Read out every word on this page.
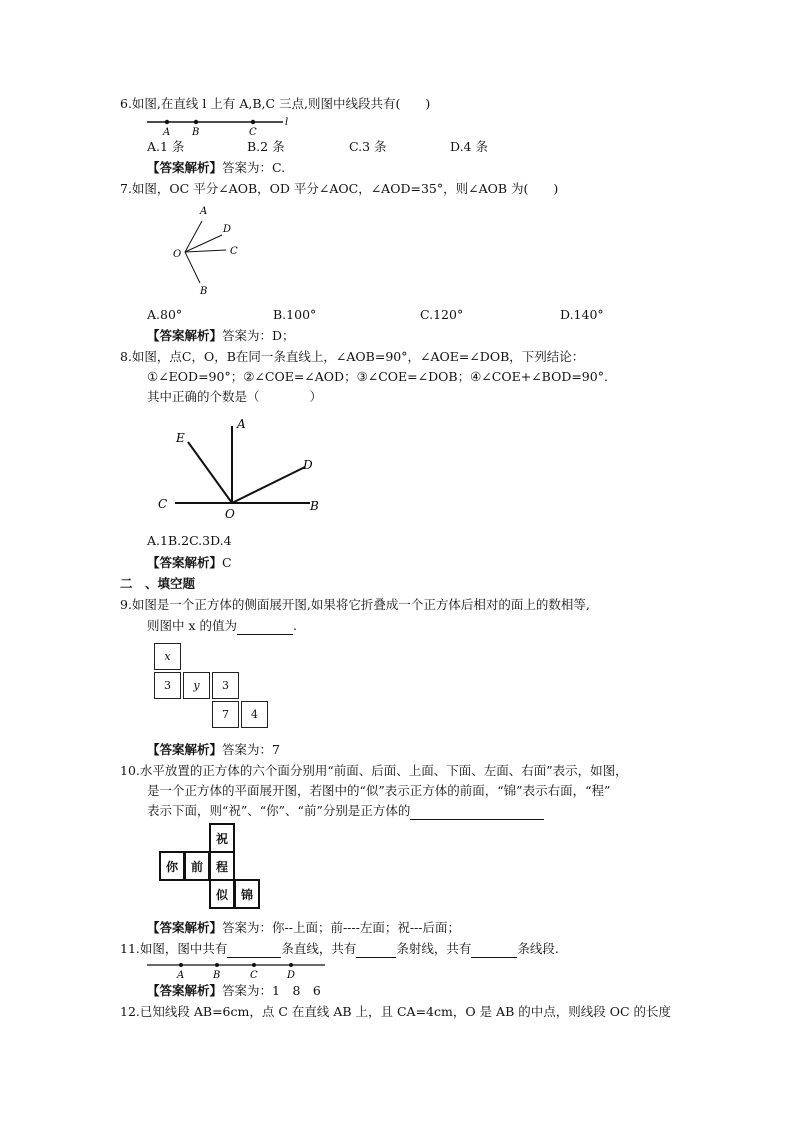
6.如图,在直线 l 上有 A,B,C 三点,则图中线段共有(　　)
A B	C
l
A.1 条	B.2 条	C.3 条	D.4 条
【答案解析】答案为：C.
7.如图，OC 平分∠AOB，OD 平分∠AOC，∠AOD=35°，则∠AOB 为(　　)
A
D
O	C
B
A.80°	B.100°	C.120°	D.140°
【答案解析】答案为：D；
8.如图，点C，O，B在同一条直线上，∠AOB=90°，∠AOE=∠DOB，下列结论：
①∠EOD=90°；②∠COE=∠AOD；③∠COE=∠DOB；④∠COE+∠BOD=90°.
其中正确的个数是（　　　　）
E
A
D
C
O
B
A.1B.2C.3D.4
【答案解析】C
二　、填空题
9.如图是一个正方体的侧面展开图,如果将它折叠成一个正方体后相对的面上的数相等,
则图中 x 的值为	.
x
3	y	3
7	4
【答案解析】答案为：7
10.水平放置的正方体的六个面分别用“前面、后面、上面、下面、左面、右面”表示，如图，
是一个正方体的平面展开图，若图中的“似”表示正方体的前面，“锦”表示右面，“程”
表示下面，则“祝”、“你”、“前”分别是正方体的
祝
你	前	程
似	锦
【答案解析】答案为：你--上面；前----左面；祝---后面；
11.如图，图中共有	条直线，共有	条射线，共有	条线段.
A	B	C	D
【答案解析】答案为：1　8　6
12.已知线段 AB=6cm，点 C 在直线 AB 上，且 CA=4cm，O 是 AB 的中点，则线段 OC 的长度
